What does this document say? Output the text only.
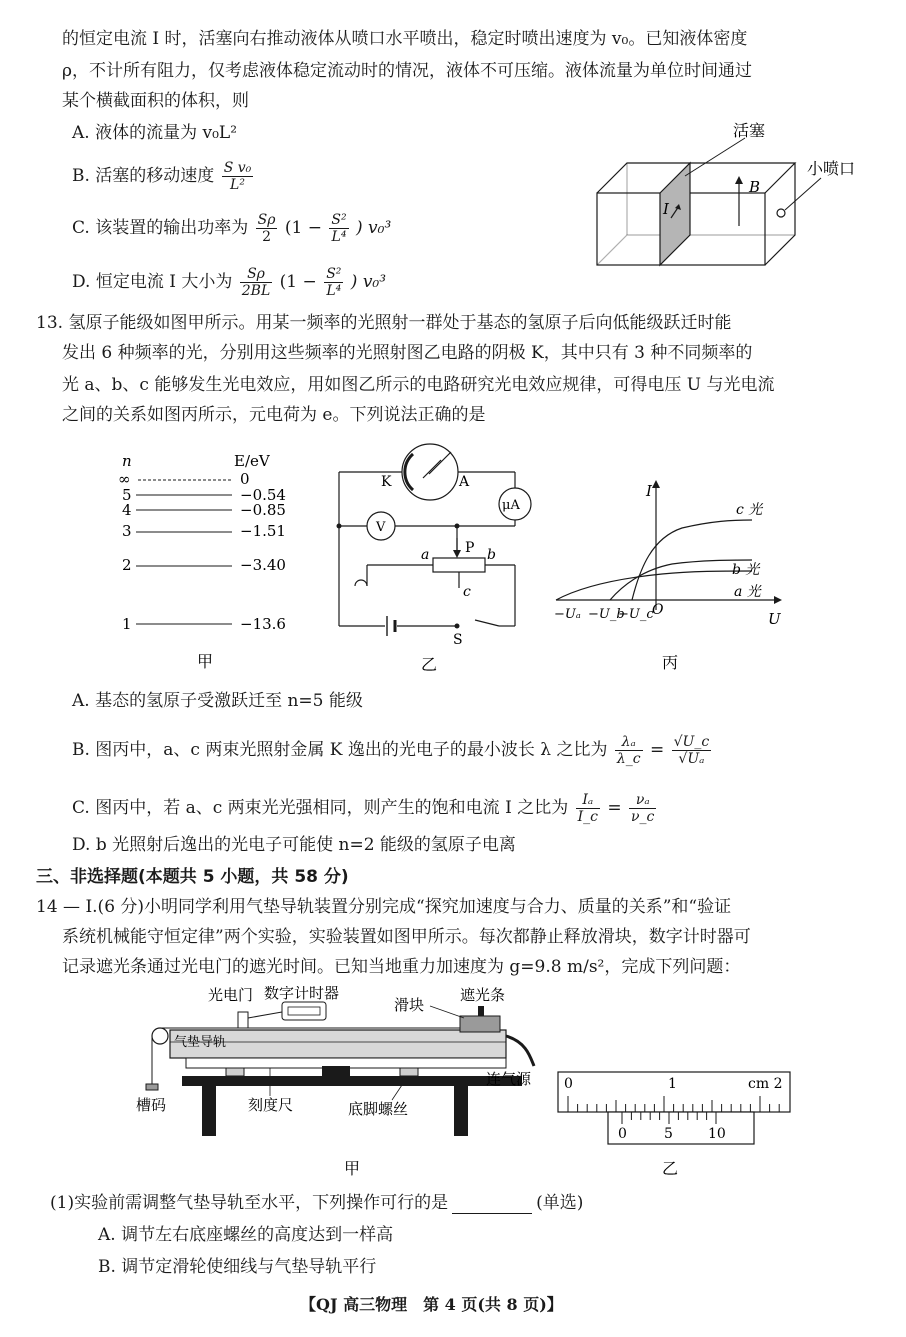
的恒定电流 I 时，活塞向右推动液体从喷口水平喷出，稳定时喷出速度为 v₀。已知液体密度
ρ，不计所有阻力，仅考虑液体稳定流动时的情况，液体不可压缩。液体流量为单位时间通过
某个横截面积的体积，则
A. 液体的流量为 v₀L²
B. 活塞的移动速度 $\frac{\text{S v₀}}{\text{L²}}$
C. 该装置的输出功率为 $\frac{S\rho}{2} (1 - \frac{\text{S²}}{\text{L⁴}}$ ) v₀³
D. 恒定电流 I 大小为 $\frac{S\rho}{2BL} (1 - \frac{\text{S²}}{\text{L⁴}}$ ) v₀³
I
B
小喷口
活塞
13. 氢原子能级如图甲所示。用某一频率的光照射一群处于基态的氢原子后向低能级跃迁时能
发出 6 种频率的光，分别用这些频率的光照射图乙电路的阴极 K，其中只有 3 种不同频率的
光 a、b、c 能够发生光电效应，用如图乙所示的电路研究光电效应规律，可得电压 U 与光电流
之间的关系如图丙所示，元电荷为 e。下列说法正确的是
n	E/eV
∞	0
5	−0.54
4	−0.85
3	−1.51
2	−3.40
1	−13.6
甲
K	A
μA
V
P
a	b
c
S
乙
I
U
O
c 光
b 光
a 光
−Uₐ −U_b
−U_c
丙
A. 基态的氢原子受激跃迁至 n=5 能级
B. 图丙中，a、c 两束光照射金属 K 逸出的光电子的最小波长 λ 之比为 $\frac{\text{λₐ}}{\lambda\_c} = \frac{√U\_c}{\text{√Uₐ}}$
C. 图丙中，若 a、c 两束光光强相同，则产生的饱和电流 I 之比为 $\frac{\text{Iₐ}}{I\_c} = \frac{\text{νₐ}}{\nu\_c}$
D. b 光照射后逸出的光电子可能使 n=2 能级的氢原子电离
三、非选择题(本题共 5 小题，共 58 分)
14 — Ⅰ.(6 分)小明同学利用气垫导轨装置分别完成“探究加速度与合力、质量的关系”和“验证
系统机械能守恒定律”两个实验，实验装置如图甲所示。每次都静止释放滑块，数字计时器可
记录遮光条通过光电门的遮光时间。已知当地重力加速度为 g=9.8 m/s²，完成下列问题：
光电门 数字计时器
滑块
遮光条
气垫导轨
槽码	刻度尺	底脚螺丝
连气源
甲
0	1	cm 2
0	5	10
乙
(1)实验前需调整气垫导轨至水平，下列操作可行的是	(单选)
A. 调节左右底座螺丝的高度达到一样高
B. 调节定滑轮使细线与气垫导轨平行
【QJ 高三物理　第 4 页(共 8 页)】
